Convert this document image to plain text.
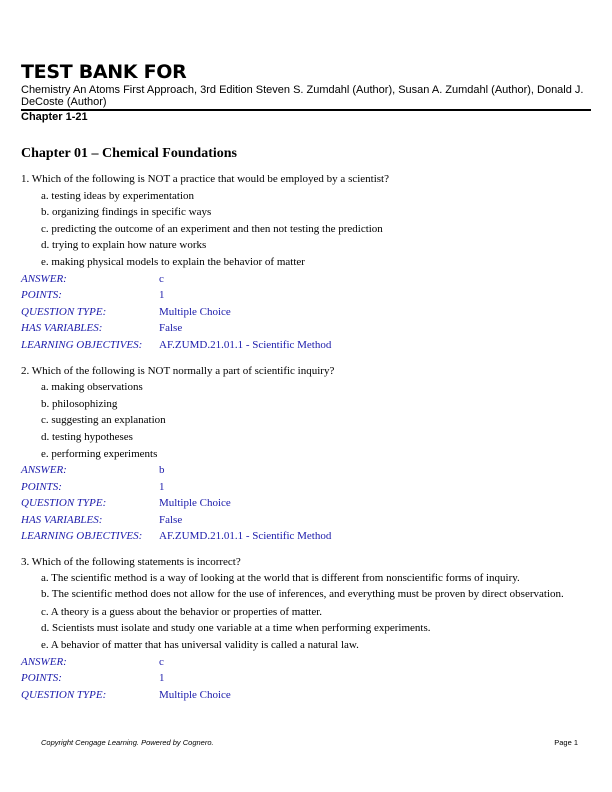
TEST BANK FOR
Chemistry An Atoms First Approach, 3rd Edition Steven S. Zumdahl (Author), Susan A. Zumdahl (Author), Donald J. DeCoste (Author)
Chapter 1-21
Chapter 01 – Chemical Foundations
1. Which of the following is NOT a practice that would be employed by a scientist?
a. testing ideas by experimentation
b. organizing findings in specific ways
c. predicting the outcome of an experiment and then not testing the prediction
d. trying to explain how nature works
e. making physical models to explain the behavior of matter
ANSWER:	c
POINTS:	1
QUESTION TYPE:	Multiple Choice
HAS VARIABLES:	False
LEARNING OBJECTIVES:	AF.ZUMD.21.01.1 - Scientific Method
2. Which of the following is NOT normally a part of scientific inquiry?
a. making observations
b. philosophizing
c. suggesting an explanation
d. testing hypotheses
e. performing experiments
ANSWER:	b
POINTS:	1
QUESTION TYPE:	Multiple Choice
HAS VARIABLES:	False
LEARNING OBJECTIVES:	AF.ZUMD.21.01.1 - Scientific Method
3. Which of the following statements is incorrect?
a. The scientific method is a way of looking at the world that is different from nonscientific forms of inquiry.
b. The scientific method does not allow for the use of inferences, and everything must be proven by direct observation.
c. A theory is a guess about the behavior or properties of matter.
d. Scientists must isolate and study one variable at a time when performing experiments.
e. A behavior of matter that has universal validity is called a natural law.
ANSWER:	c
POINTS:	1
QUESTION TYPE:	Multiple Choice
Copyright Cengage Learning. Powered by Cognero.	Page 1
